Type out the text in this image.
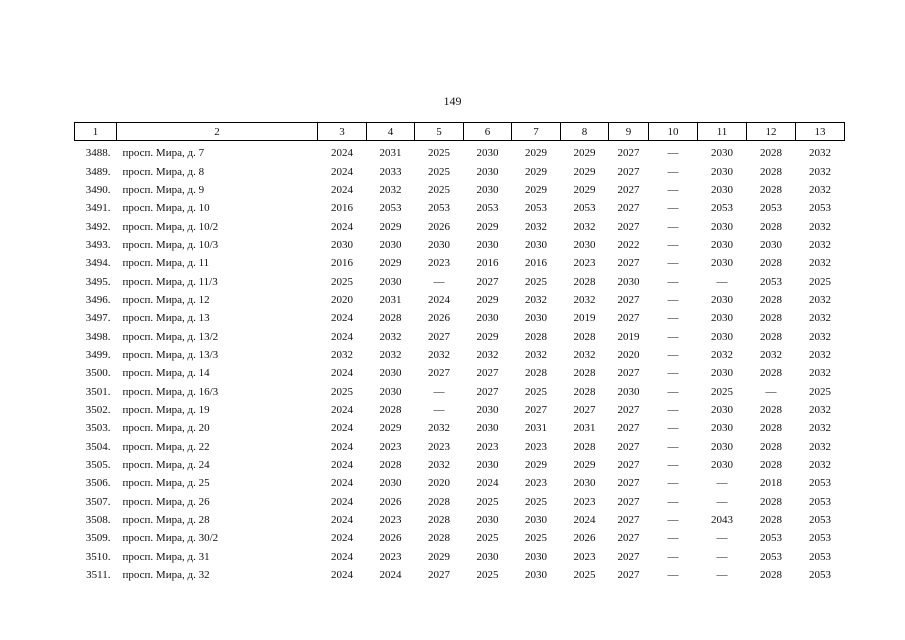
149
1	2	3	4	5	6	7	8	9	10	11	12	13
3488.	просп. Мира, д. 7	2024	2031	2025	2030	2029	2029	2027	—	2030	2028	2032
3489.	просп. Мира, д. 8	2024	2033	2025	2030	2029	2029	2027	—	2030	2028	2032
3490.	просп. Мира, д. 9	2024	2032	2025	2030	2029	2029	2027	—	2030	2028	2032
3491.	просп. Мира, д. 10	2016	2053	2053	2053	2053	2053	2027	—	2053	2053	2053
3492.	просп. Мира, д. 10/2	2024	2029	2026	2029	2032	2032	2027	—	2030	2028	2032
3493.	просп. Мира, д. 10/3	2030	2030	2030	2030	2030	2030	2022	—	2030	2030	2032
3494.	просп. Мира, д. 11	2016	2029	2023	2016	2016	2023	2027	—	2030	2028	2032
3495.	просп. Мира, д. 11/3	2025	2030	—	2027	2025	2028	2030	—	—	2053	2025
3496.	просп. Мира, д. 12	2020	2031	2024	2029	2032	2032	2027	—	2030	2028	2032
3497.	просп. Мира, д. 13	2024	2028	2026	2030	2030	2019	2027	—	2030	2028	2032
3498.	просп. Мира, д. 13/2	2024	2032	2027	2029	2028	2028	2019	—	2030	2028	2032
3499.	просп. Мира, д. 13/3	2032	2032	2032	2032	2032	2032	2020	—	2032	2032	2032
3500.	просп. Мира, д. 14	2024	2030	2027	2027	2028	2028	2027	—	2030	2028	2032
3501.	просп. Мира, д. 16/3	2025	2030	—	2027	2025	2028	2030	—	2025	—	2025
3502.	просп. Мира, д. 19	2024	2028	—	2030	2027	2027	2027	—	2030	2028	2032
3503.	просп. Мира, д. 20	2024	2029	2032	2030	2031	2031	2027	—	2030	2028	2032
3504.	просп. Мира, д. 22	2024	2023	2023	2023	2023	2028	2027	—	2030	2028	2032
3505.	просп. Мира, д. 24	2024	2028	2032	2030	2029	2029	2027	—	2030	2028	2032
3506.	просп. Мира, д. 25	2024	2030	2020	2024	2023	2030	2027	—	—	2018	2053
3507.	просп. Мира, д. 26	2024	2026	2028	2025	2025	2023	2027	—	—	2028	2053
3508.	просп. Мира, д. 28	2024	2023	2028	2030	2030	2024	2027	—	2043	2028	2053
3509.	просп. Мира, д. 30/2	2024	2026	2028	2025	2025	2026	2027	—	—	2053	2053
3510.	просп. Мира, д. 31	2024	2023	2029	2030	2030	2023	2027	—	—	2053	2053
3511.	просп. Мира, д. 32	2024	2024	2027	2025	2030	2025	2027	—	—	2028	2053
